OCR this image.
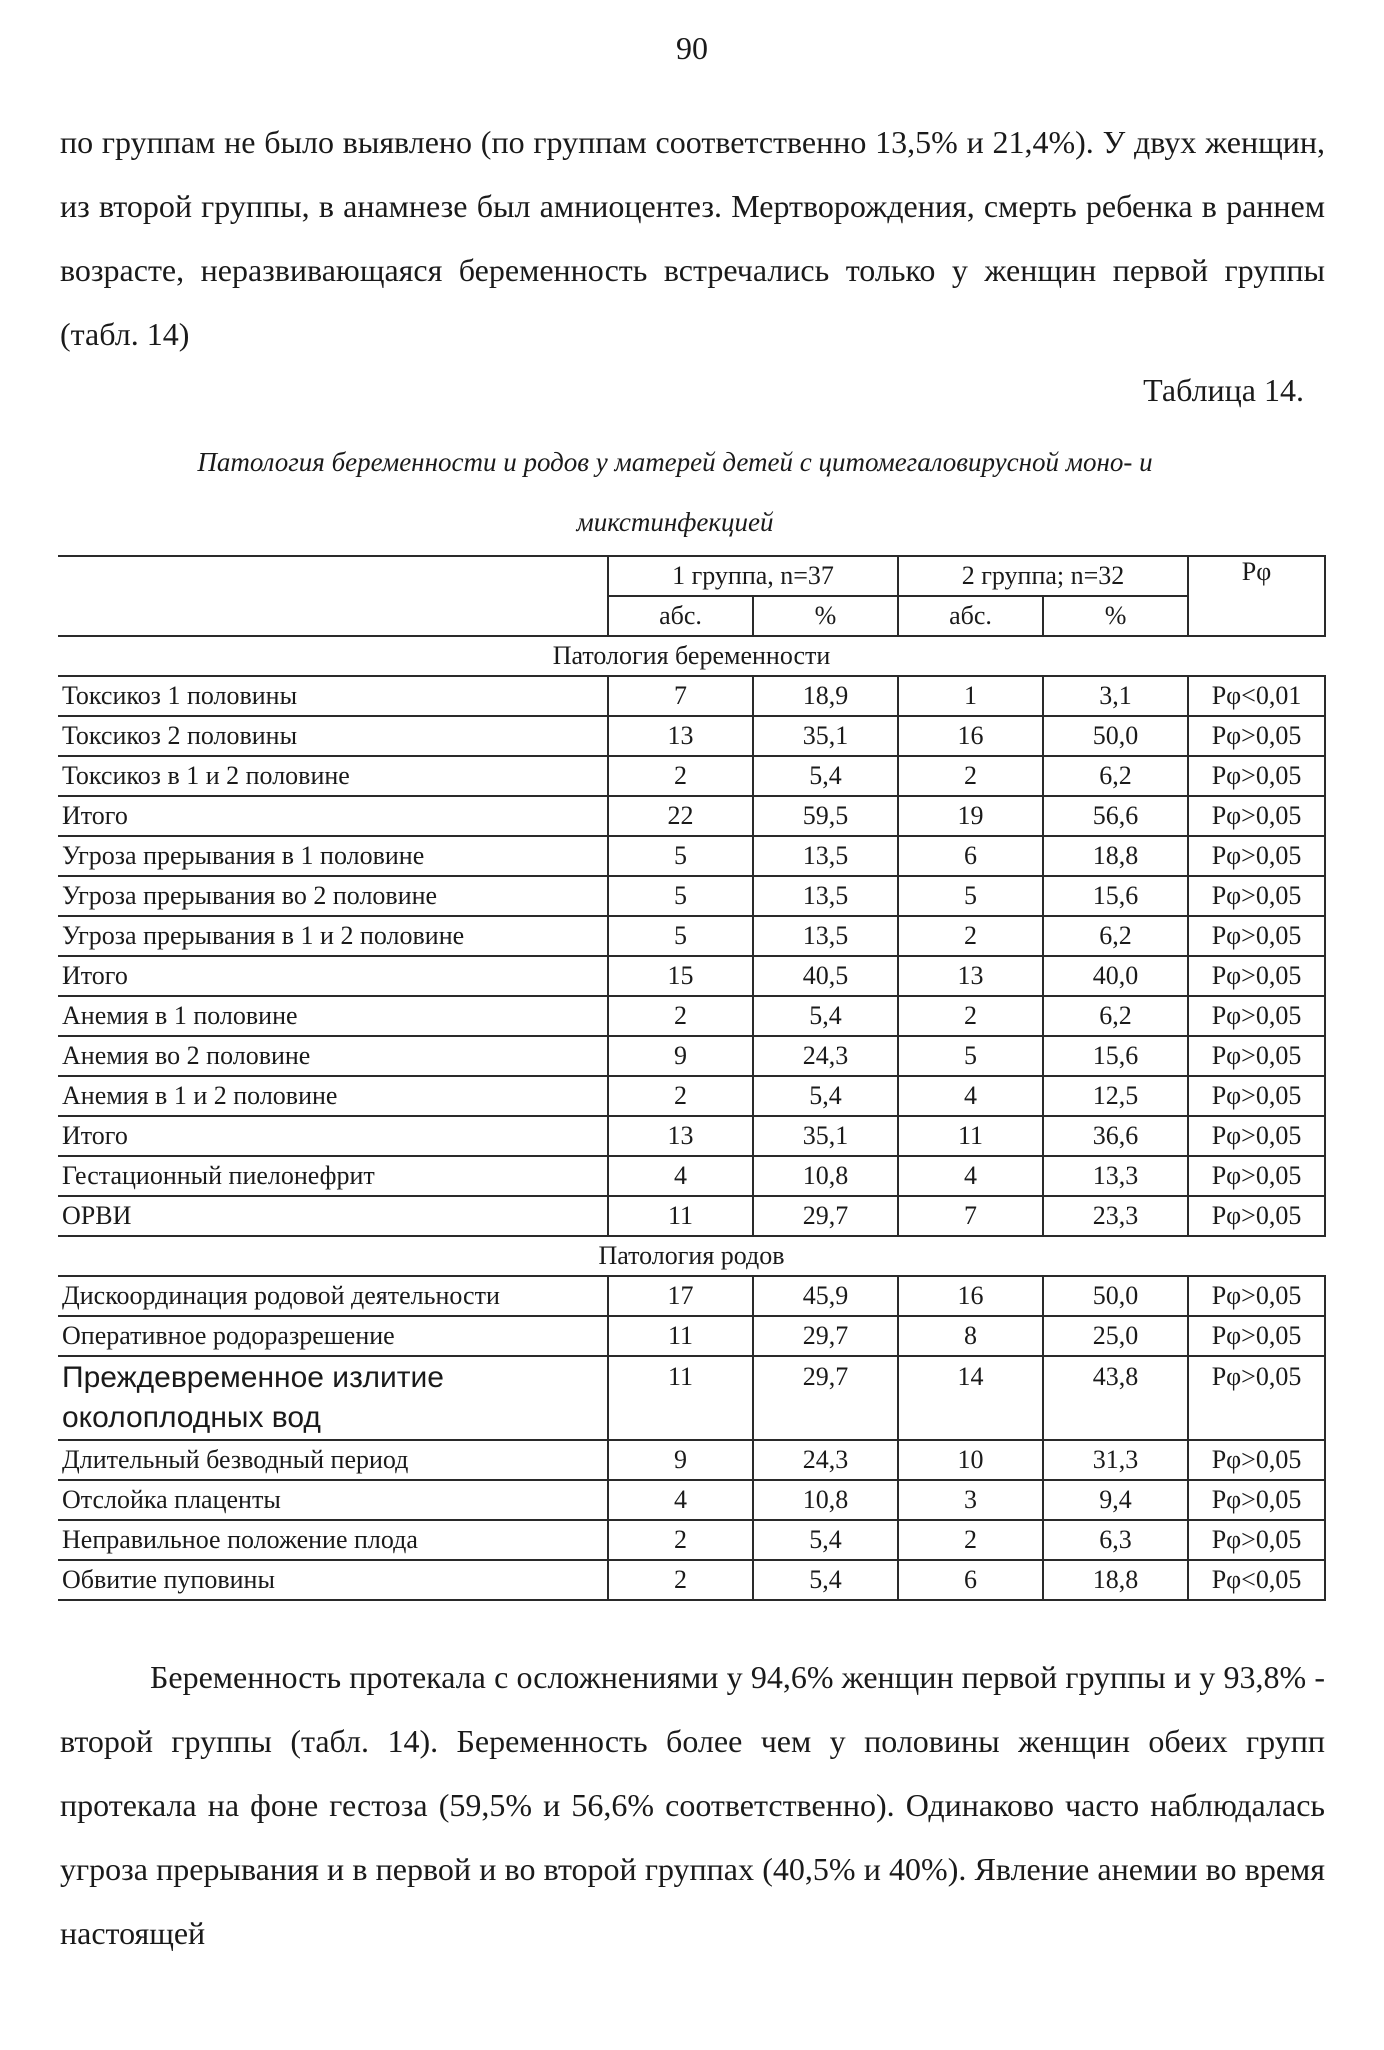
90

по группам не было выявлено (по группам соответственно 13,5% и 21,4%). У двух женщин, из второй группы, в анамнезе был амниоцентез. Мертворождения, смерть ребенка в раннем возрасте, неразвивающаяся беременность встречались только у женщин первой группы (табл. 14)

Таблица 14.
Патология беременности и родов у матерей детей с цитомегаловирусной моно- и микстинфекцией
	1 группа, n=37		2 группа; n=32		Рφ
	абс.	%	абс.	%	
Патология беременности					
Токсикоз 1 половины	7	18,9	1	3,1	Рφ<0,01
Токсикоз 2 половины	13	35,1	16	50,0	Рφ>0,05
Токсикоз в 1 и 2 половине	2	5,4	2	6,2	Рφ>0,05
Итого	22	59,5	19	56,6	Рφ>0,05
Угроза прерывания в 1 половине	5	13,5	6	18,8	Рφ>0,05
Угроза прерывания во 2 половине	5	13,5	5	15,6	Рφ>0,05
Угроза прерывания в 1 и 2 половине	5	13,5	2	6,2	Рφ>0,05
Итого	15	40,5	13	40,0	Рφ>0,05
Анемия в 1 половине	2	5,4	2	6,2	Рφ>0,05
Анемия во 2 половине	9	24,3	5	15,6	Рφ>0,05
Анемия в 1 и 2 половине	2	5,4	4	12,5	Рφ>0,05
Итого	13	35,1	11	36,6	Рφ>0,05
Гестационный пиелонефрит	4	10,8	4	13,3	Рφ>0,05
ОРВИ	11	29,7	7	23,3	Рφ>0,05
Патология родов					
Дискоординация родовой деятельности	17	45,9	16	50,0	Рφ>0,05
Оперативное родоразрешение	11	29,7	8	25,0	Рφ>0,05
Преждевременное излитие околоплодных вод	11	29,7	14	43,8	Рφ>0,05
Длительный безводный период	9	24,3	10	31,3	Рφ>0,05
Отслойка плаценты	4	10,8	3	9,4	Рφ>0,05
Неправильное положение плода	2	5,4	2	6,3	Рφ>0,05
Обвитие пуповины	2	5,4	6	18,8	Рφ<0,05

Беременность протекала с осложнениями у 94,6% женщин первой группы и у 93,8% - второй группы (табл. 14). Беременность более чем у половины женщин обеих групп протекала на фоне гестоза (59,5% и 56,6% соответственно). Одинаково часто наблюдалась угроза прерывания и в первой и во второй группах (40,5% и 40%). Явление анемии во время настоящей
